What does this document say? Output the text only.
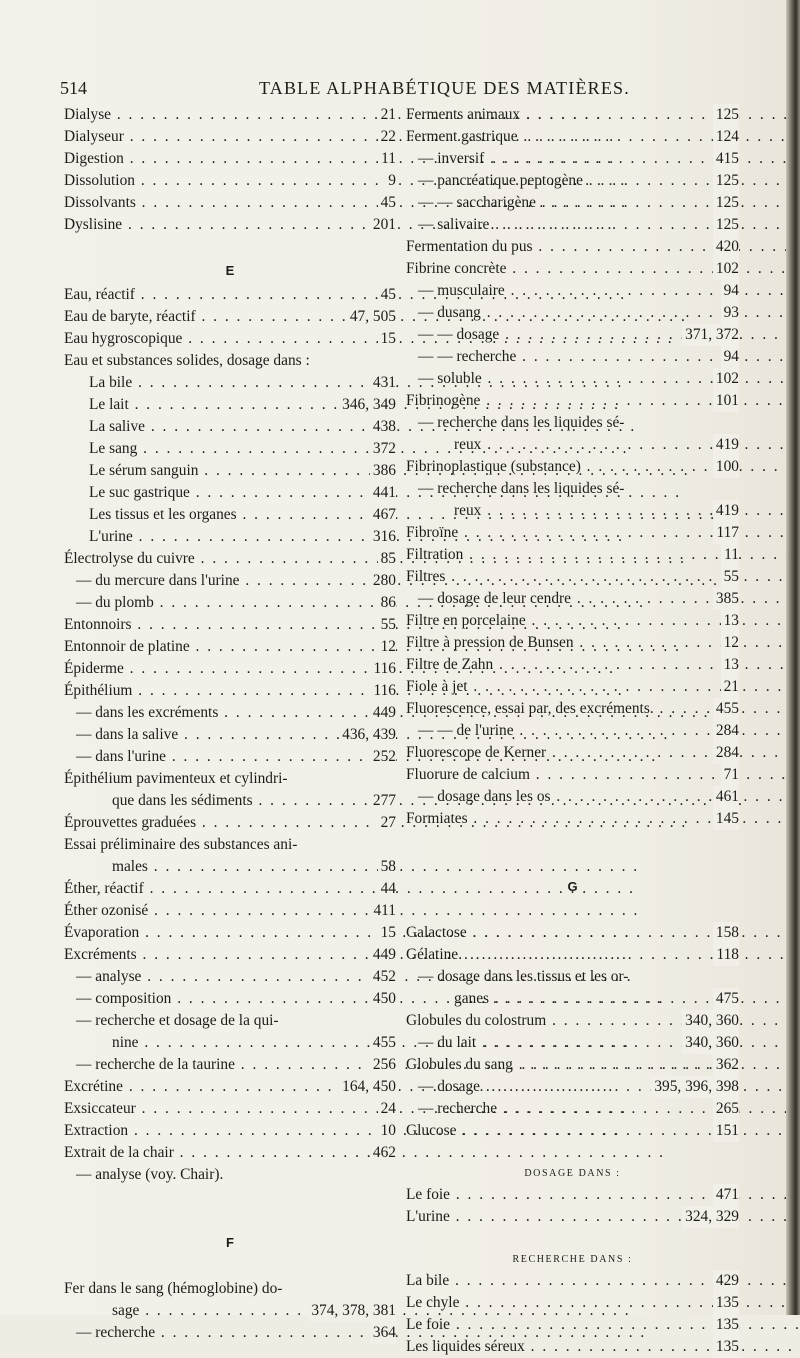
514	TABLE ALPHABÉTIQUE DES MATIÈRES.
Dialyse . . .	21
Dialyseur . . .	22
Digestion . . .	11
Dissolution . . .	9
Dissolvants . . .	45
Dyslisine . . .	201
E
Eau, réactif . . .	45
Eau de baryte, réactif . . .	47, 505
Eau hygroscopique . . .	15
Eau et substances solides, dosage dans :
La bile . . .	431
Le lait . . .	346, 349
La salive . . .	438
Le sang . . .	372
Le sérum sanguin . . .	386
Le suc gastrique . . .	441
Les tissus et les organes . . .	467
L'urine . . .	316
Électrolyse du cuivre . . .	85
— du mercure dans l'urine . . .	280
— du plomb . . .	86
Entonnoirs . . .	55
Entonnoir de platine . . .	12
Épiderme . . .	116
Épithélium . . .	116
— dans les excréments . . .	449
— dans la salive . . .	436, 439
— dans l'urine . . .	252
Épithélium pavimenteux et cylindri-
que dans les sédiments . . .	277
Éprouvettes graduées . . .	27
Essai préliminaire des substances ani-
males . . .	58
Éther, réactif . . .	44
Éther ozonisé . . .	411
Évaporation . . .	15
Excréments . . .	449
— analyse . . .	452
— composition . . .	450
— recherche et dosage de la qui-
nine . . .	455
— recherche de la taurine . . .	256
Excrétine . . .	164, 450
Exsiccateur . . .	24
Extraction . . .	10
Extrait de la chair . . .	462
— analyse (voy. Chair).
F
Fer dans le sang (hémoglobine) do-
sage . . .	374, 378, 381
— recherche . . .	364
Ferments animaux . . .	125
Ferment gastrique . . .	124
— inversif . . .	415
— pancréatique peptogène . . .	125
— — saccharigène . . .	125
— salivaire . . .	125
Fermentation du pus . . .	420
Fibrine concrète . . .	102
— musculaire . . .	94
— dusang . . .	93
— — dosage . . .	371, 372
— — recherche . . .	94
— soluble . . .	102
Fibrinogène . . .	101
— recherche dans les liquides sé-
reux . . .	419
Fibrinoplastique (substance) . . .	100
— recherche dans les liquides sé-
reux . . .	419
Fibroïne . . .	117
Filtration . . .	11
Filtres . . .	55
— dosage de leur cendre . . .	385
Filtre en porcelaine . . .	13
Filtre à pression de Bunsen . . .	12
Filtre de Zahn . . .	13
Fiole à jet . . .	21
Fluorescence, essai par, des excréments. . . .	455
— — de l'urine . . .	284
Fluorescope de Kerner . . .	284
Fluorure de calcium . . .	71
— dosage dans les os . . .	461
Formiates . . .	145
G
Galactose . . .	158
Gélatine . . .	118
— dosage dans les tissus et les or-
ganes . . .	475
Globules du colostrum . . .	340, 360
— du lait . . .	340, 360
Globules du sang . . .	362
— dosage . . .	395, 396, 398
— recherche . . .	265
Glucose . . .	151
DOSAGE DANS :
Le foie . . .	471
L'urine . . .	324, 329
RECHERCHE DANS :
La bile . . .	429
Le chyle . . .	135
Le foie . . .	135
Les liquides séreux . . .	135
